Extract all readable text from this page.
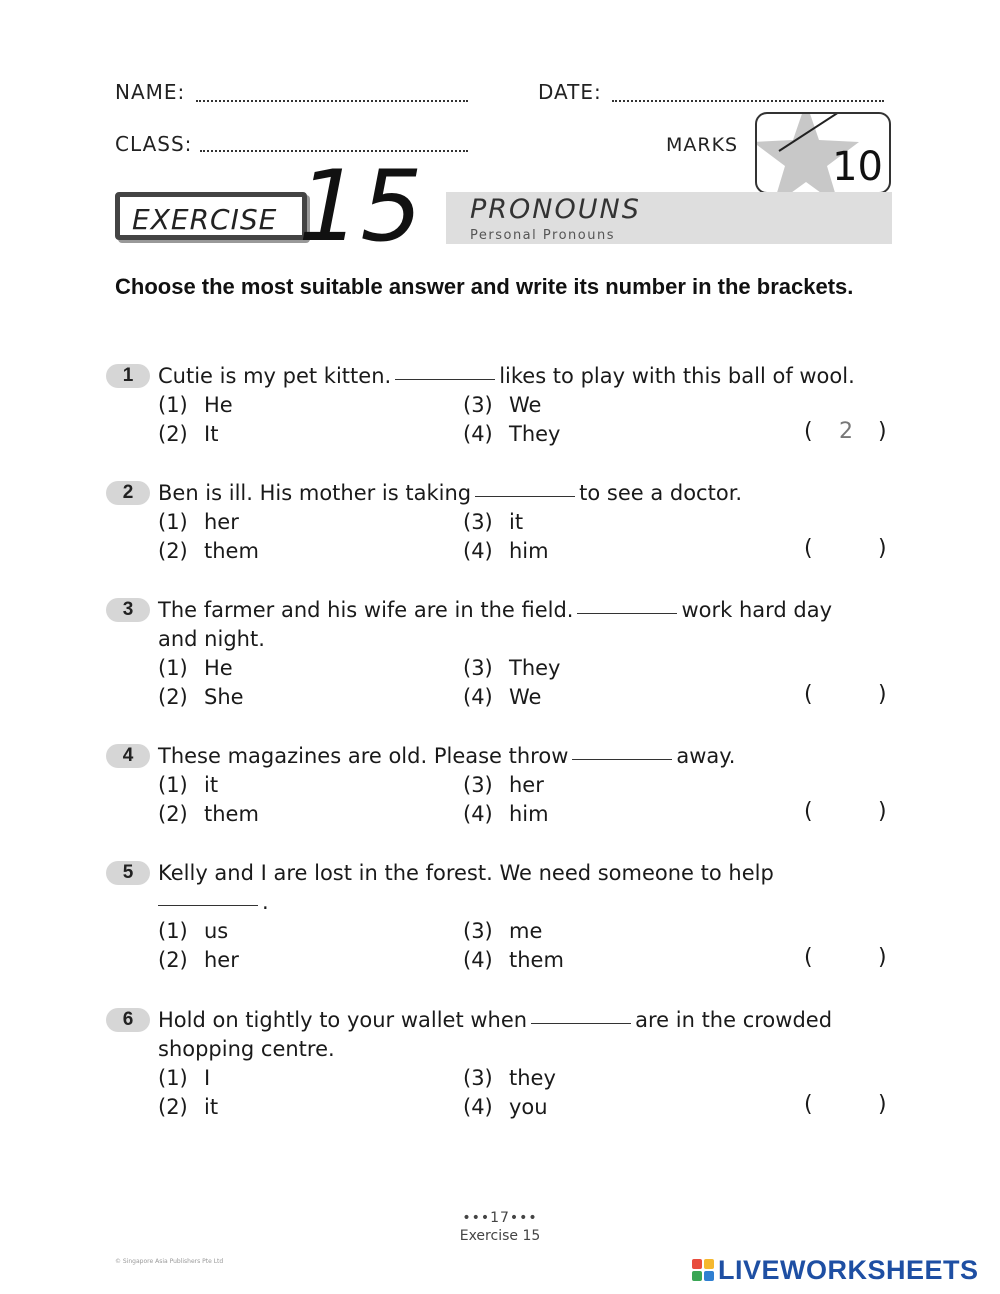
NAME:	DATE:
CLASS:	MARKS 10
EXERCISE 15 PRONOUNS
Personal Pronouns
Choose the most suitable answer and write its number in the brackets.
1	Cutie is my pet kitten.	likes to play with this ball of wool.
(1) He
(2) It
(3) We
(4) They	(	2	)
2	Ben is ill. His mother is taking	to see a doctor.
(1) her
(2) them
(3) it
(4) him	(	)
3	The farmer and his wife are in the field.	work hard day
and night.
(1) He
(2) She
(3) They
(4) We	(	)
4	These magazines are old. Please throw	away.
(1) it
(2) them
(3) her
(4) him	(	)
5	Kelly and I are lost in the forest. We need someone to help
.
(1) us
(2) her
(3) me
(4) them	(	)
6	Hold on tightly to your wallet when	are in the crowded
shopping centre.
(1) I
(2) it
(3) they
(4) you	(	)
•••17•••
Exercise 15
© Singapore Asia Publishers Pte Ltd	LIVEWORKSHEETS
